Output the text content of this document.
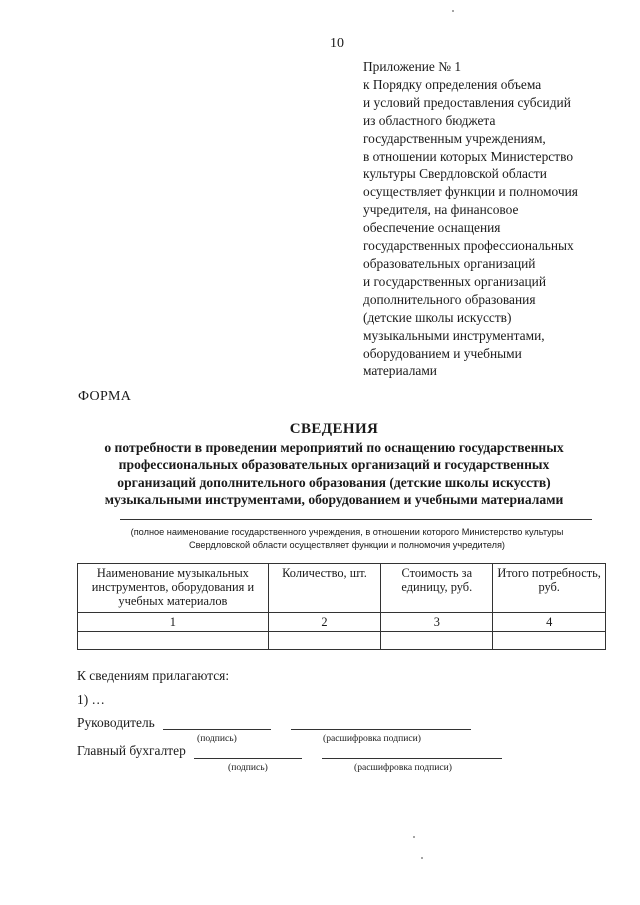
10
Приложение № 1
к Порядку определения объема
и условий предоставления субсидий
из областного бюджета
государственным учреждениям,
в отношении которых Министерство
культуры Свердловской области
осуществляет функции и полномочия
учредителя, на финансовое
обеспечение оснащения
государственных профессиональных
образовательных организаций
и государственных организаций
дополнительного образования
(детские школы искусств)
музыкальными инструментами,
оборудованием и учебными
материалами
ФОРМА
СВЕДЕНИЯ
о потребности в проведении мероприятий по оснащению государственных
профессиональных образовательных организаций и государственных
организаций дополнительного образования (детские школы искусств)
музыкальными инструментами, оборудованием и учебными материалами
(полное наименование государственного учреждения, в отношении которого Министерство культуры
Свердловской области осуществляет функции и полномочия учредителя)
Наименование музыкальных инструментов, оборудования и учебных материалов	Количество, шт.	Стоимость за единицу, руб.	Итого потребность, руб.
1	2	3	4

К сведениям прилагаются:
1) …
Руководитель
(подпись)	(расшифровка подписи)
Главный бухгалтер
(подпись)	(расшифровка подписи)
